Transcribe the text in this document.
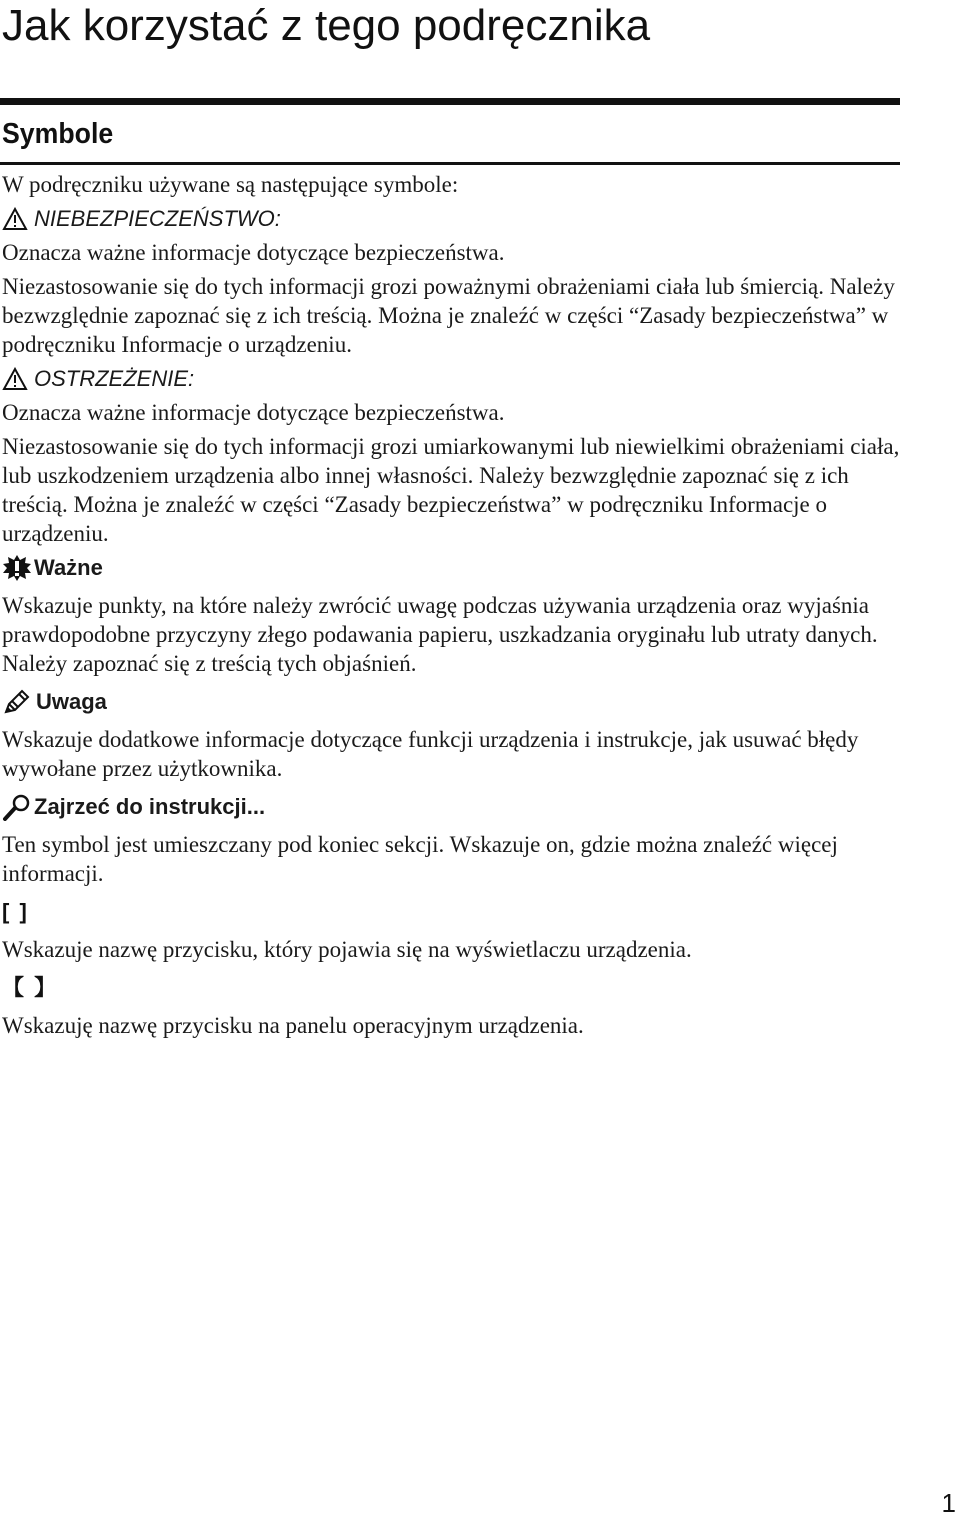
Jak korzystać z tego podręcznika
Symbole

W podręczniku używane są następujące symbole:

NIEBEZPIECZEŃSTWO:

Oznacza ważne informacje dotyczące bezpieczeństwa.

Niezastosowanie się do tych informacji grozi poważnymi obrażeniami ciała lub śmiercią. Należy bezwzględnie zapoznać się z ich treścią. Można je znaleźć w części “Zasady bezpieczeństwa” w podręczniku Informacje o urządzeniu.

OSTRZEŻENIE:

Oznacza ważne informacje dotyczące bezpieczeństwa.

Niezastosowanie się do tych informacji grozi umiarkowanymi lub niewielkimi obrażeniami ciała, lub uszkodzeniem urządzenia albo innej własności. Należy bezwzględnie zapoznać się z ich treścią. Można je znaleźć w części “Zasady bezpieczeństwa” w podręczniku Informacje o urządzeniu.

Ważne

Wskazuje punkty, na które należy zwrócić uwagę podczas używania urządzenia oraz wyjaśnia prawdopodobne przyczyny złego podawania papieru, uszkadzania oryginału lub utraty danych. Należy zapoznać się z treścią tych objaśnień.

Uwaga

Wskazuje dodatkowe informacje dotyczące funkcji urządzenia i instrukcje, jak usuwać błędy wywołane przez użytkownika.

Zajrzeć do instrukcji...

Ten symbol jest umieszczany pod koniec sekcji. Wskazuje on, gdzie można znaleźć więcej informacji.

[ ]

Wskazuje nazwę przycisku, który pojawia się na wyświetlaczu urządzenia.

【 】

Wskazuję nazwę przycisku na panelu operacyjnym urządzenia.

1
